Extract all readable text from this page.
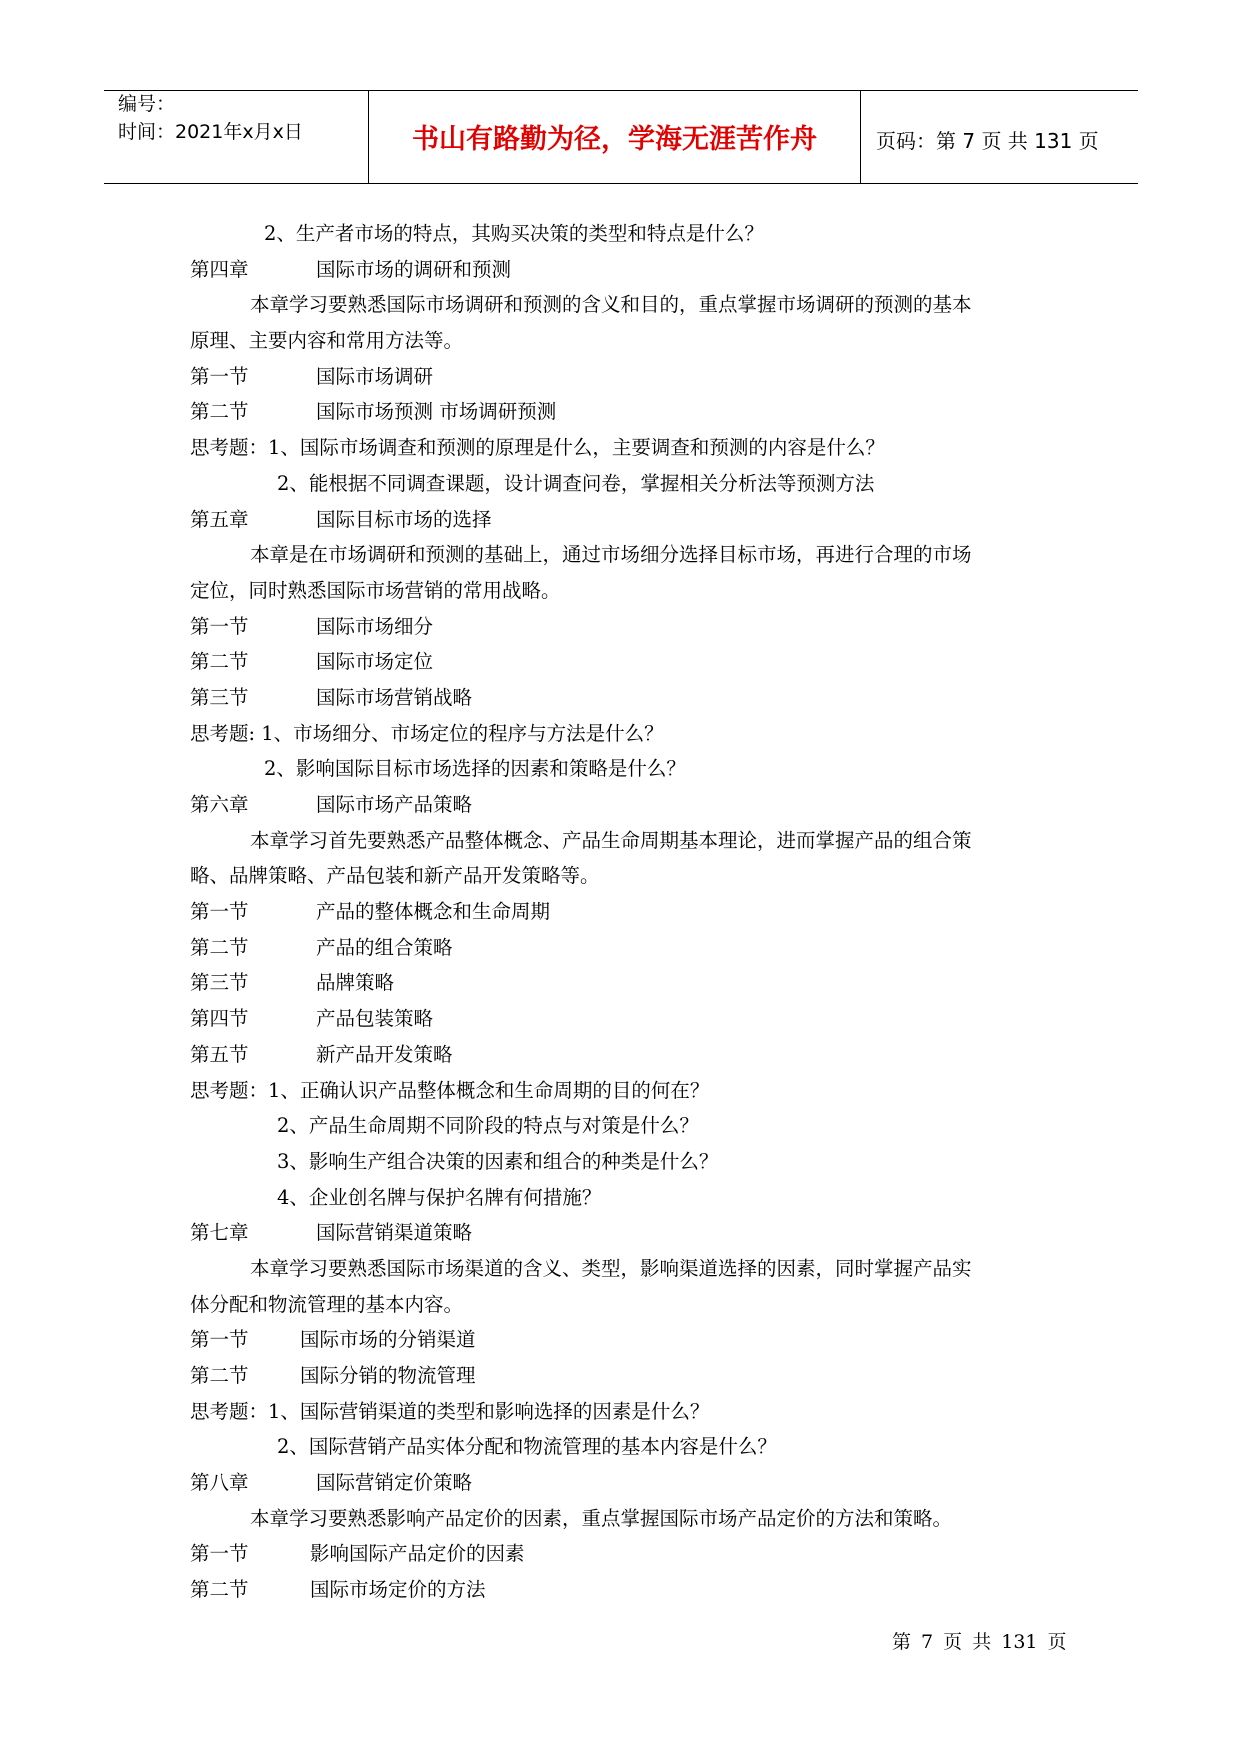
编号：
时间：2021年x月x日	书山有路勤为径，学海无涯苦作舟	页码：第 7 页 共 131 页
2、生产者市场的特点，其购买决策的类型和特点是什么？
第四章	国际市场的调研和预测
本章学习要熟悉国际市场调研和预测的含义和目的，重点掌握市场调研的预测的基本
原理、主要内容和常用方法等。
第一节	国际市场调研
第二节	国际市场预测 市场调研预测
思考题：1、国际市场调查和预测的原理是什么，主要调查和预测的内容是什么？
2、能根据不同调查课题，设计调查问卷，掌握相关分析法等预测方法
第五章	国际目标市场的选择
本章是在市场调研和预测的基础上，通过市场细分选择目标市场，再进行合理的市场
定位，同时熟悉国际市场营销的常用战略。
第一节	国际市场细分
第二节	国际市场定位
第三节	国际市场营销战略
思考题: 1、市场细分、市场定位的程序与方法是什么？
2、影响国际目标市场选择的因素和策略是什么？
第六章	国际市场产品策略
本章学习首先要熟悉产品整体概念、产品生命周期基本理论，进而掌握产品的组合策
略、品牌策略、产品包装和新产品开发策略等。
第一节	产品的整体概念和生命周期
第二节	产品的组合策略
第三节	品牌策略
第四节	产品包装策略
第五节	新产品开发策略
思考题：1、正确认识产品整体概念和生命周期的目的何在？
2、产品生命周期不同阶段的特点与对策是什么？
3、影响生产组合决策的因素和组合的种类是什么？
4、企业创名牌与保护名牌有何措施？
第七章	国际营销渠道策略
本章学习要熟悉国际市场渠道的含义、类型，影响渠道选择的因素，同时掌握产品实
体分配和物流管理的基本内容。
第一节	国际市场的分销渠道
第二节	国际分销的物流管理
思考题：1、国际营销渠道的类型和影响选择的因素是什么？
2、国际营销产品实体分配和物流管理的基本内容是什么？
第八章	国际营销定价策略
本章学习要熟悉影响产品定价的因素，重点掌握国际市场产品定价的方法和策略。
第一节	影响国际产品定价的因素
第二节	国际市场定价的方法
第 7 页 共 131 页
